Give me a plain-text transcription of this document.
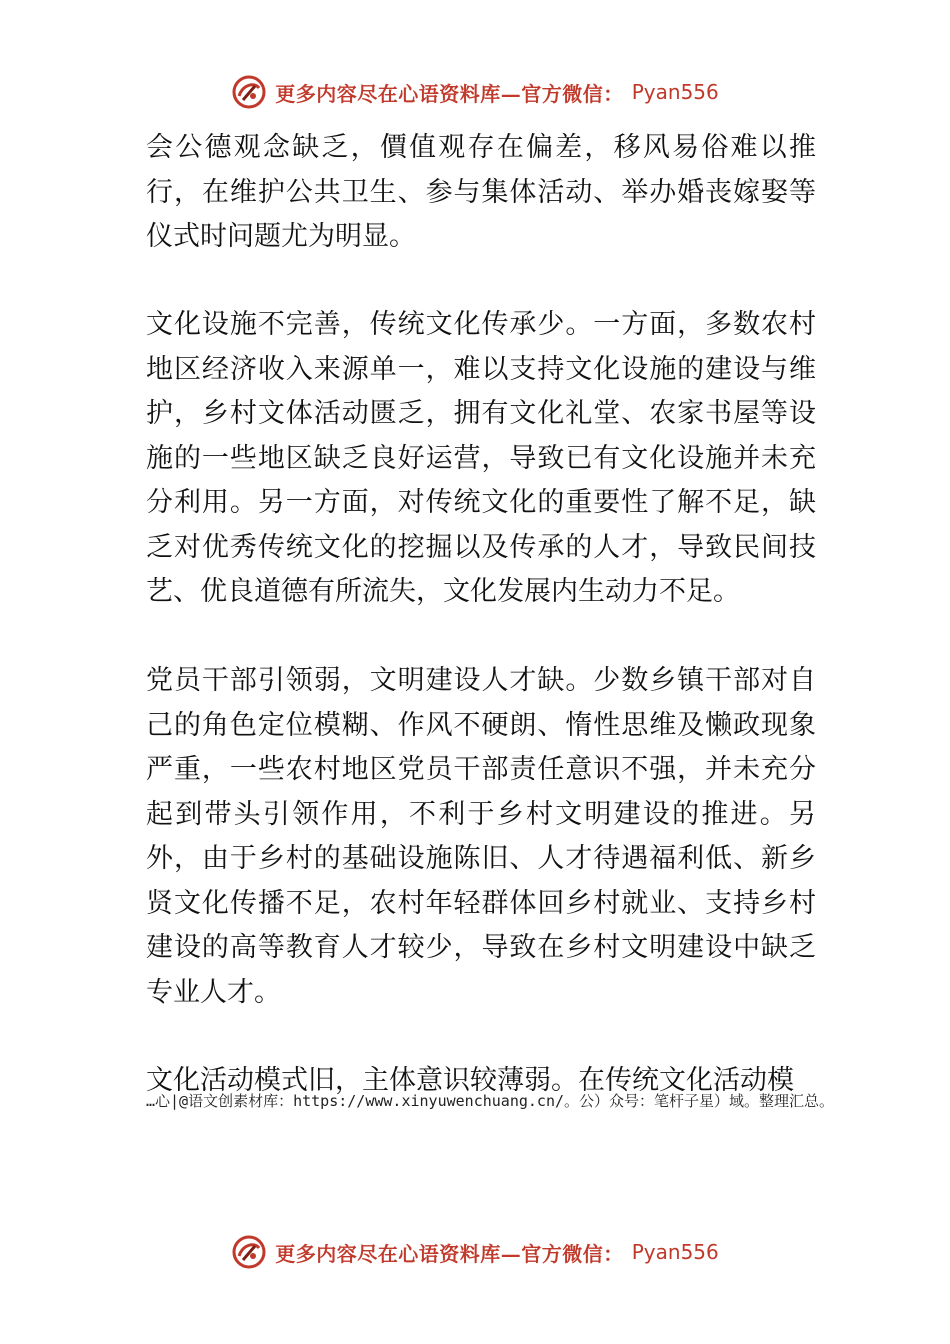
更多内容尽在心语资料库—官方微信： Pyan556

会公德观念缺乏，價值观存在偏差，移风易俗难以推行，在维护公共卫生、参与集体活动、举办婚丧嫁娶等仪式时问题尤为明显。

文化设施不完善，传统文化传承少。一方面，多数农村地区经济收入来源单一，难以支持文化设施的建设与维护，乡村文体活动匮乏，拥有文化礼堂、农家书屋等设施的一些地区缺乏良好运营，导致已有文化设施并未充分利用。另一方面，对传统文化的重要性了解不足，缺乏对优秀传统文化的挖掘以及传承的人才，导致民间技艺、优良道德有所流失，文化发展内生动力不足。

党员干部引领弱，文明建设人才缺。少数乡镇干部对自己的角色定位模糊、作风不硬朗、惰性思维及懒政现象严重，一些农村地区党员干部责任意识不强，并未充分起到带头引领作用，不利于乡村文明建设的推进。另外，由于乡村的基础设施陈旧、人才待遇福利低、新乡贤文化传播不足，农村年轻群体回乡村就业、支持乡村建设的高等教育人才较少，导致在乡村文明建设中缺乏专业人才。

文化活动模式旧，主体意识较薄弱。在传统文化活动模

…心|@语文创素材库：https://www.xinyuwenchuang.cn/。公）众号：笔杆子星）域。整理汇总。
更多内容尽在心语资料库—官方微信： Pyan556
